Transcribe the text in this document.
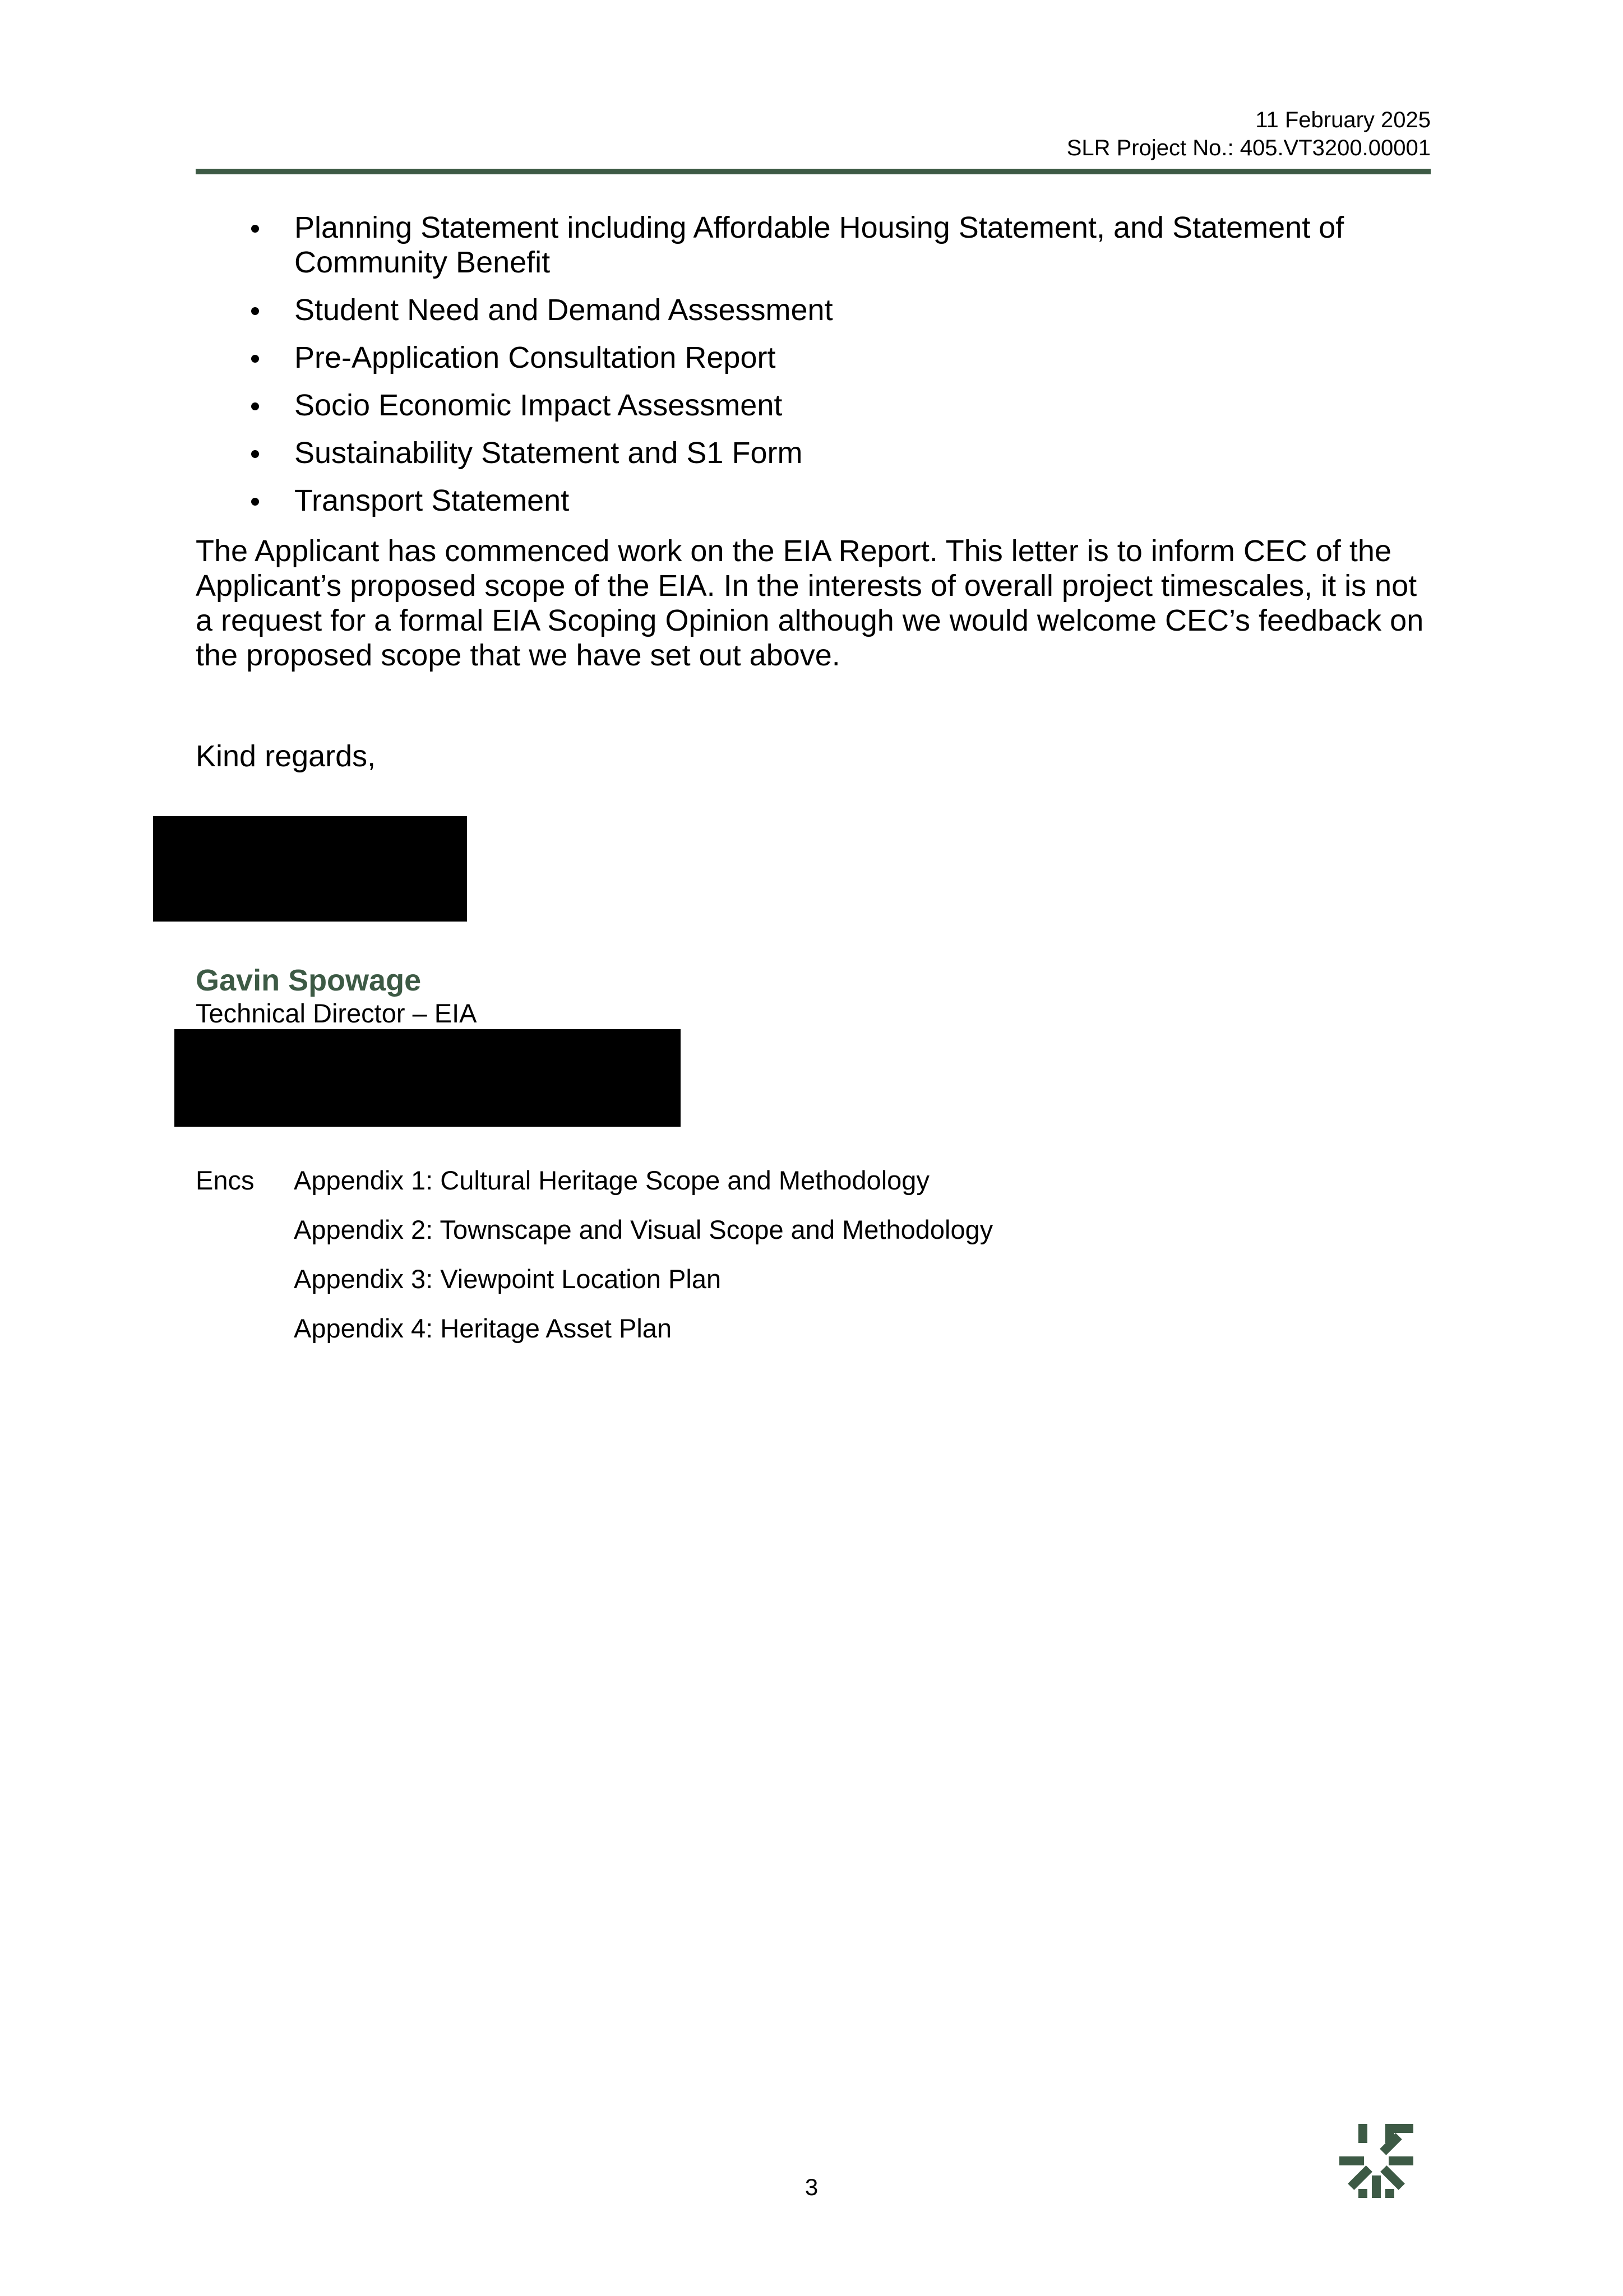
11 February 2025
SLR Project No.: 405.VT3200.00001
Planning Statement including Affordable Housing Statement, and Statement of Community Benefit
Student Need and Demand Assessment
Pre-Application Consultation Report
Socio Economic Impact Assessment
Sustainability Statement and S1 Form
Transport Statement

The Applicant has commenced work on the EIA Report. This letter is to inform CEC of the Applicant’s proposed scope of the EIA. In the interests of overall project timescales, it is not a request for a formal EIA Scoping Opinion although we would welcome CEC’s feedback on the proposed scope that we have set out above.

Kind regards,
Gavin Spowage
Technical Director – EIA
Encs Appendix 1: Cultural Heritage Scope and Methodology
Appendix 2: Townscape and Visual Scope and Methodology
Appendix 3: Viewpoint Location Plan
Appendix 4: Heritage Asset Plan
3
